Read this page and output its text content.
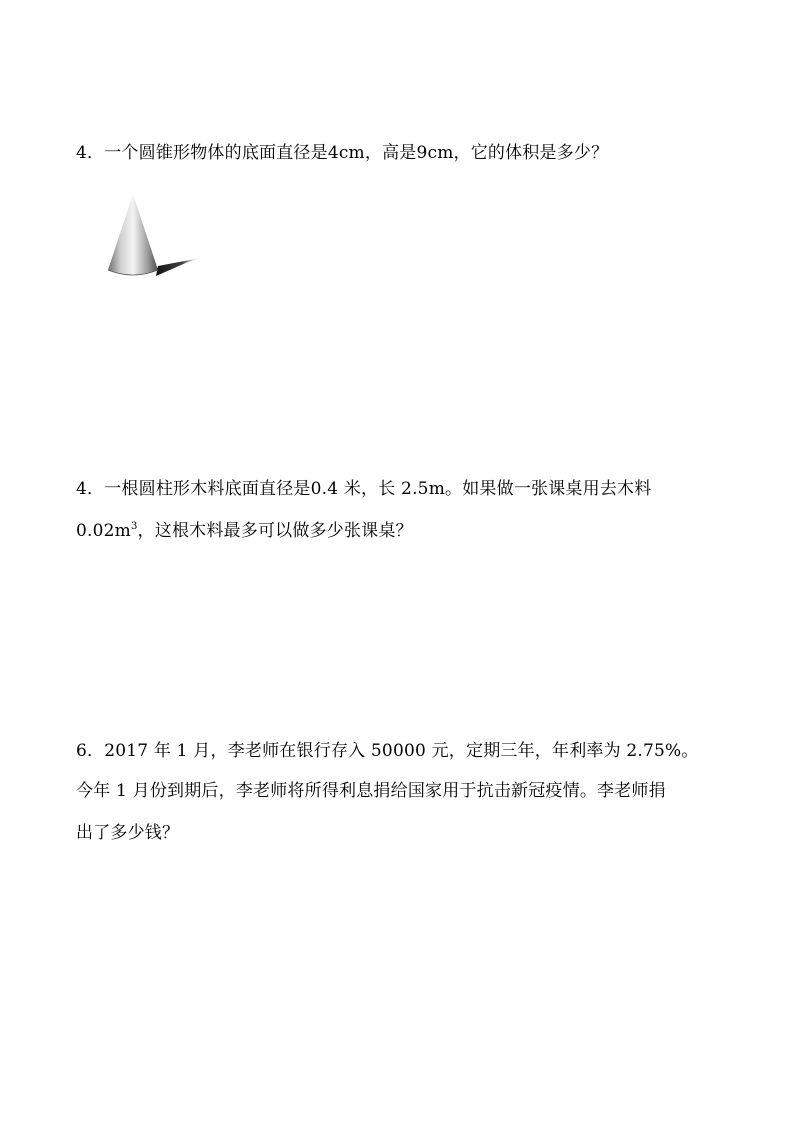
4．一个圆锥形物体的底面直径是4cm，高是9cm，它的体积是多少？
4．一根圆柱形木料底面直径是0.4 米，长 2.5m。如果做一张课桌用去木料
$0.02m^3$，这根木料最多可以做多少张课桌？
6．2017 年 1 月，李老师在银行存入 50000 元，定期三年，年利率为 2.75%。
今年 1 月份到期后，李老师将所得利息捐给国家用于抗击新冠疫情。李老师捐
出了多少钱？
